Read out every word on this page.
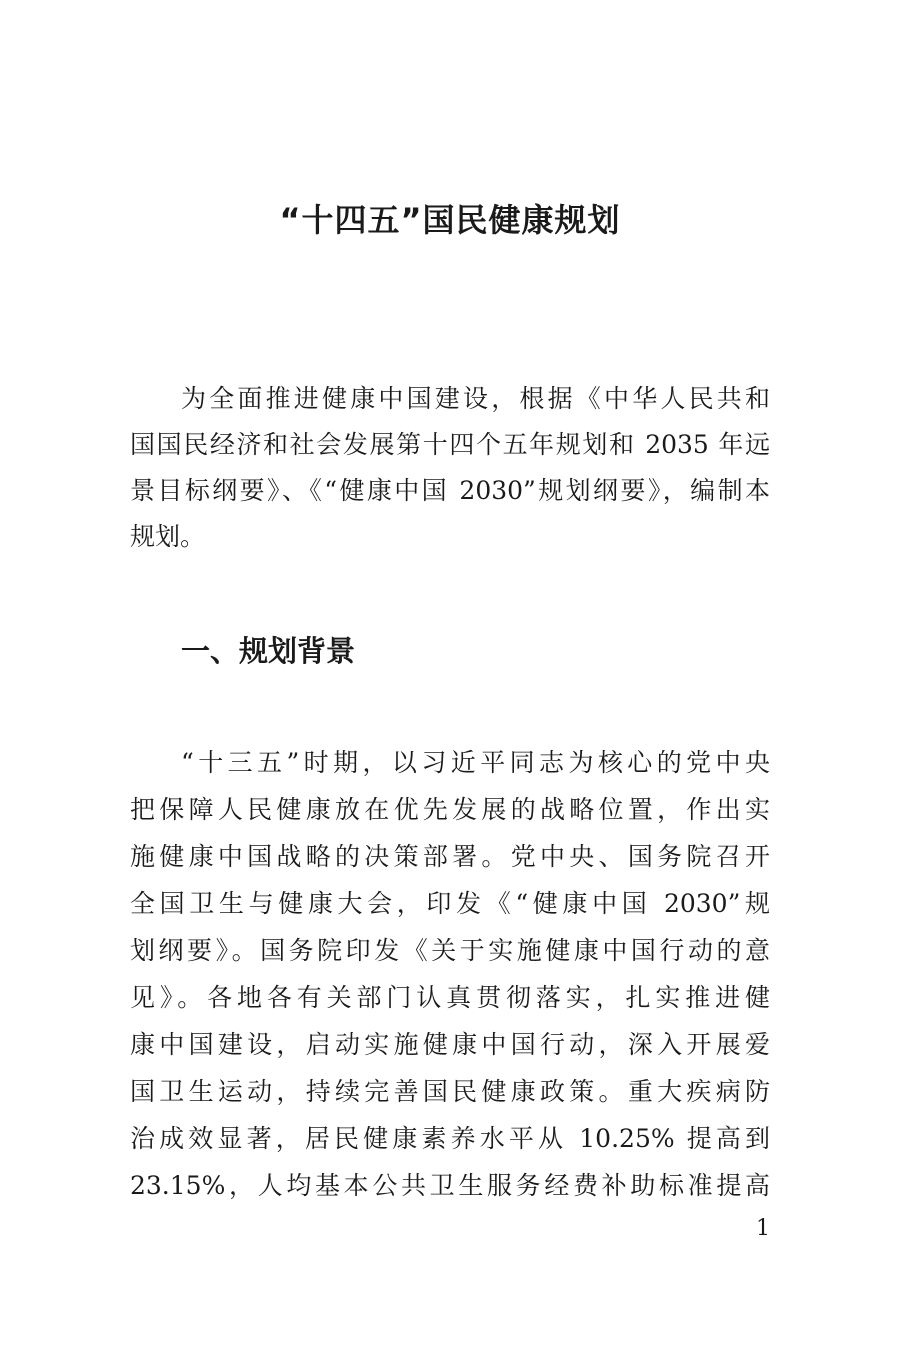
“十四五”国民健康规划
为全面推进健康中国建设，根据《中华人民共和
国国民经济和社会发展第十四个五年规划和 2035 年远
景目标纲要》、《“健康中国 2030”规划纲要》，编制本
规划。
一、规划背景
“十三五”时期，以习近平同志为核心的党中央
把保障人民健康放在优先发展的战略位置，作出实
施健康中国战略的决策部署。党中央、国务院召开
全国卫生与健康大会，印发《“健康中国 2030”规
划纲要》。国务院印发《关于实施健康中国行动的意
见》。各地各有关部门认真贯彻落实，扎实推进健
康中国建设，启动实施健康中国行动，深入开展爱
国卫生运动，持续完善国民健康政策。重大疾病防
治成效显著，居民健康素养水平从 10.25% 提高到
23.15%，人均基本公共卫生服务经费补助标准提高
1
